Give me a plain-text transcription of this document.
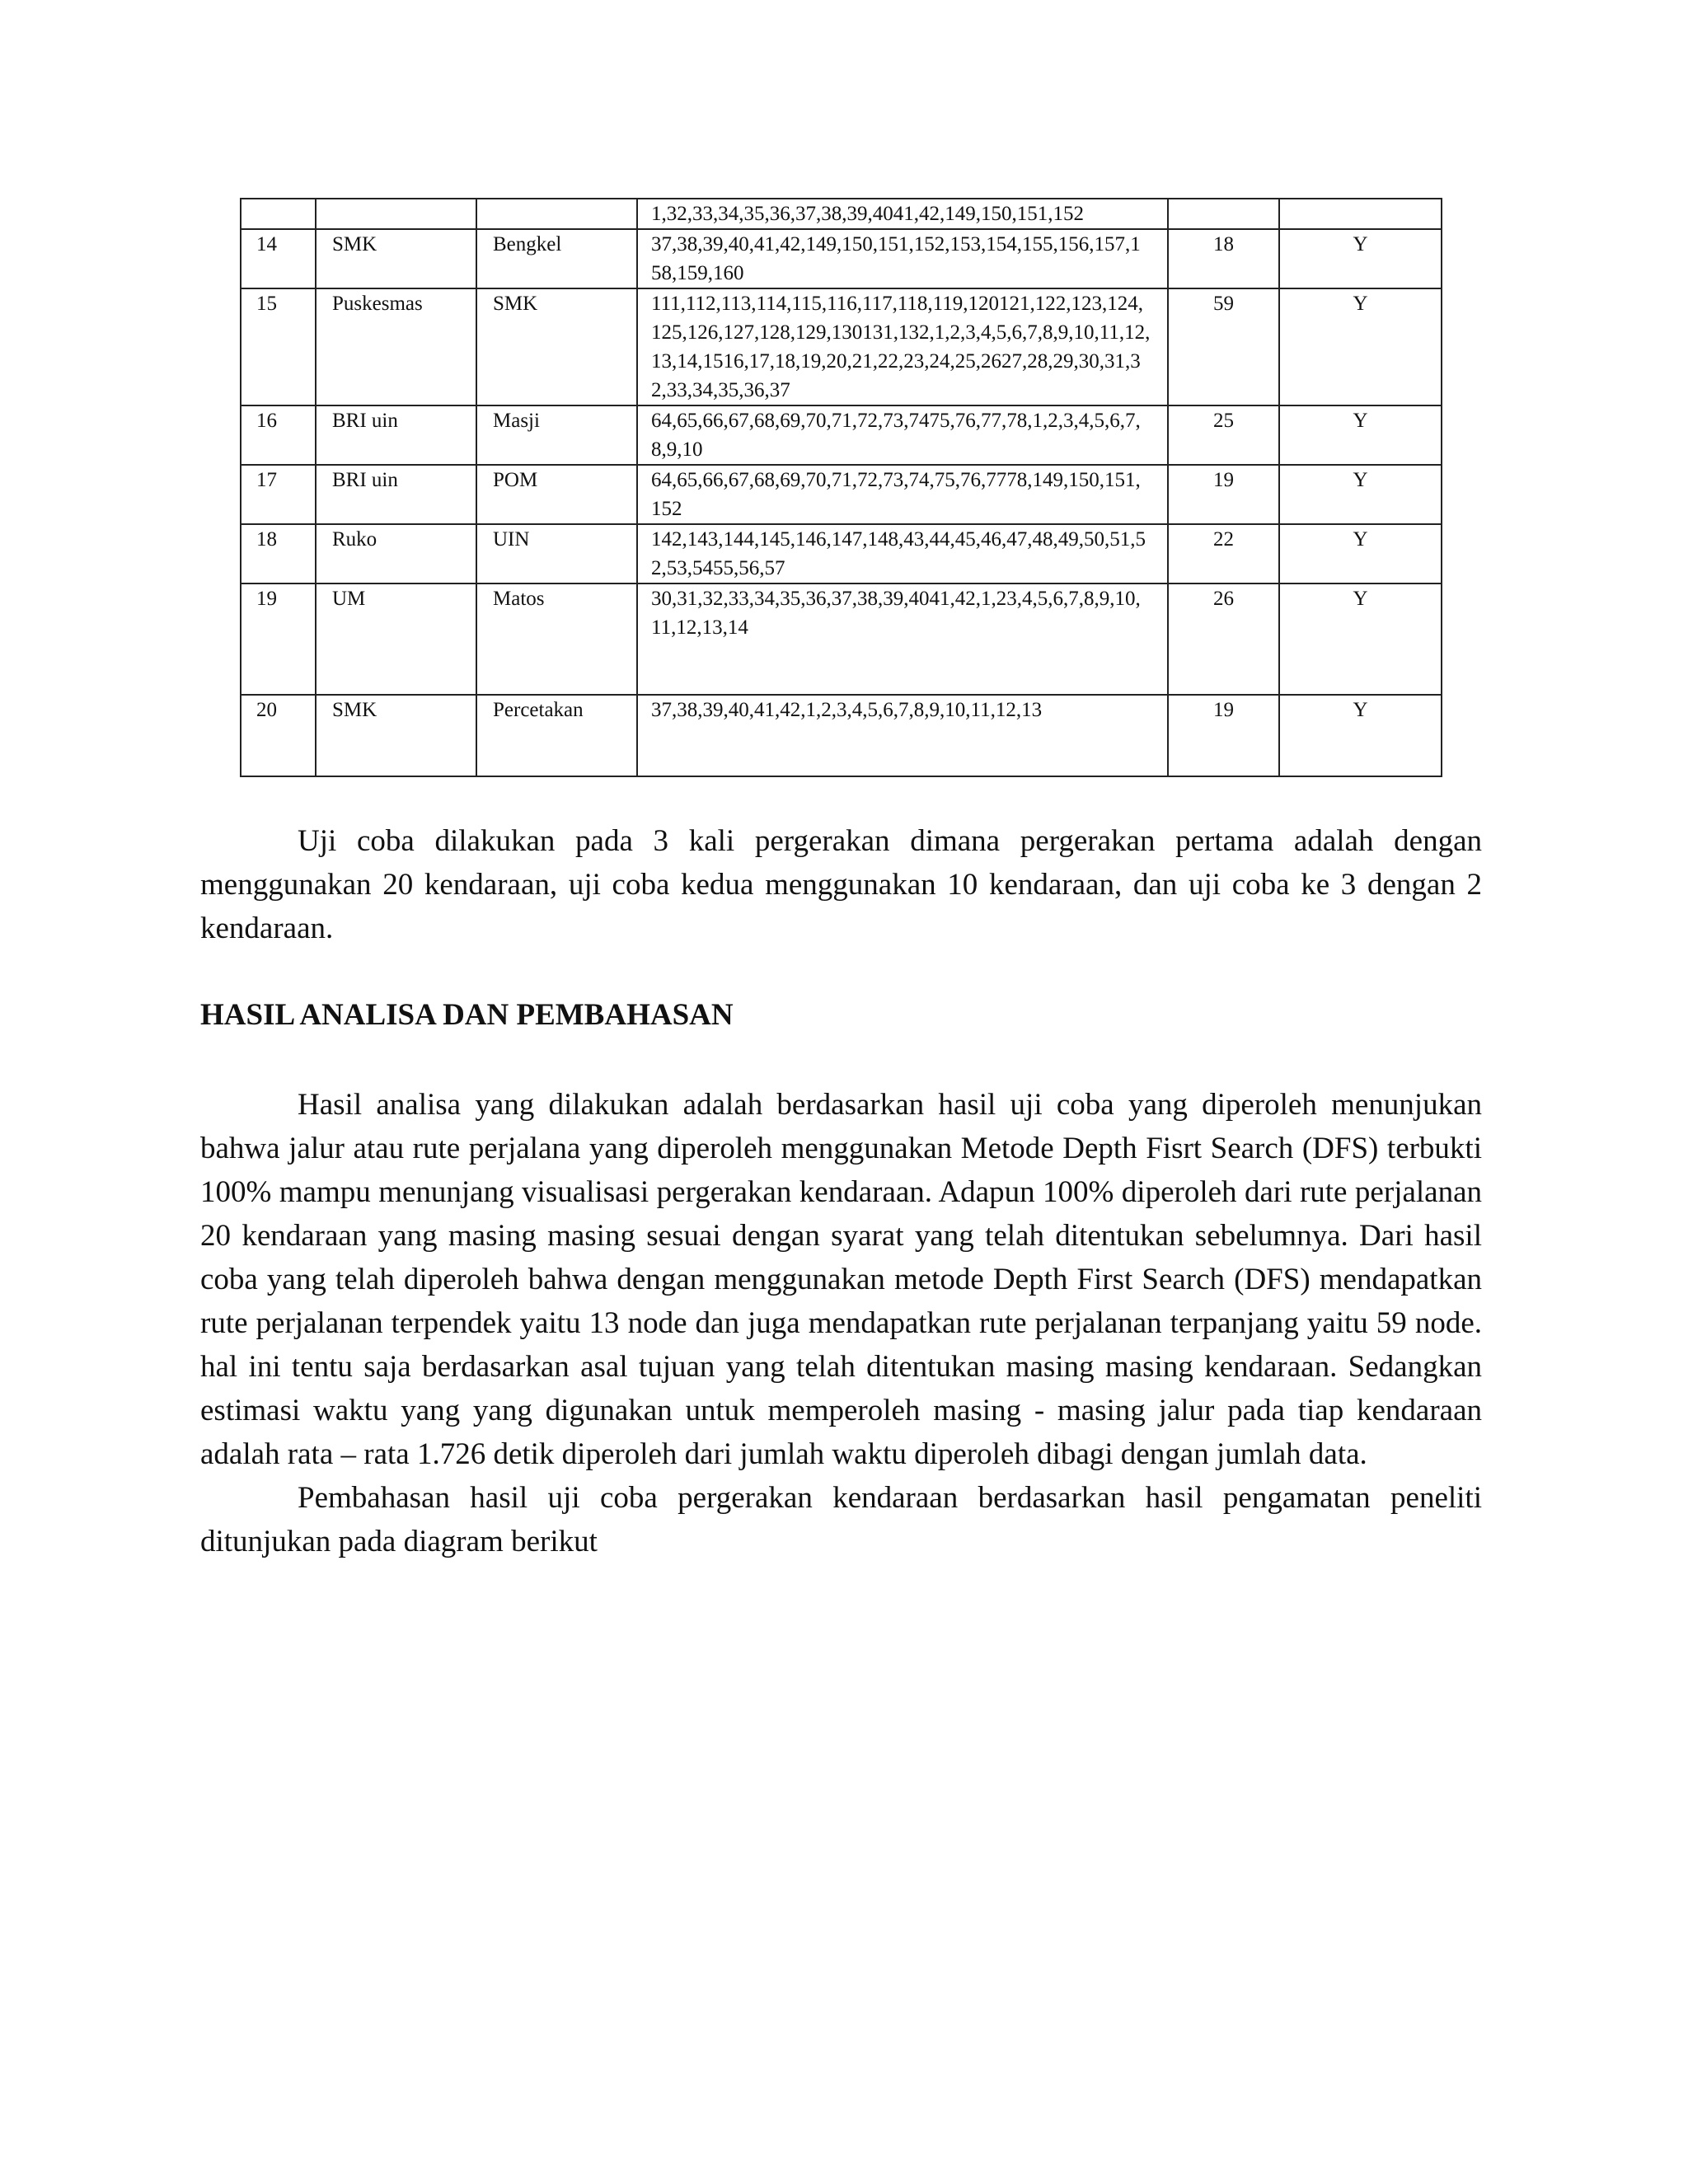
			1,32,33,34,35,36,37,38,39,4041,42,149,150,151,152		
14	SMK	Bengkel	37,38,39,40,41,42,149,150,151,152,153,154,155,156,157,158,159,160	18	Y
15	Puskesmas	SMK	111,112,113,114,115,116,117,118,119,120121,122,123,124,125,126,127,128,129,130131,132,1,2,3,4,5,6,7,8,9,10,11,12,13,14,1516,17,18,19,20,21,22,23,24,25,2627,28,29,30,31,32,33,34,35,36,37	59	Y
16	BRI uin	Masji	64,65,66,67,68,69,70,71,72,73,7475,76,77,78,1,2,3,4,5,6,7,8,9,10	25	Y
17	BRI uin	POM	64,65,66,67,68,69,70,71,72,73,74,75,76,7778,149,150,151,152	19	Y
18	Ruko	UIN	142,143,144,145,146,147,148,43,44,45,46,47,48,49,50,51,52,53,5455,56,57	22	Y
19	UM	Matos	30,31,32,33,34,35,36,37,38,39,4041,42,1,23,4,5,6,7,8,9,10,11,12,13,14	26	Y
20	SMK	Percetakan	37,38,39,40,41,42,1,2,3,4,5,6,7,8,9,10,11,12,13	19	Y

Uji coba dilakukan pada 3 kali pergerakan dimana pergerakan pertama adalah dengan menggunakan 20 kendaraan, uji coba kedua menggunakan 10 kendaraan, dan uji coba ke 3 dengan 2 kendaraan.

HASIL ANALISA DAN PEMBAHASAN

Hasil analisa yang dilakukan adalah berdasarkan hasil uji coba yang diperoleh menunjukan bahwa jalur atau rute perjalana yang diperoleh menggunakan Metode Depth Fisrt Search (DFS) terbukti 100% mampu menunjang visualisasi pergerakan kendaraan. Adapun 100% diperoleh dari rute perjalanan 20 kendaraan yang masing masing sesuai dengan syarat yang telah ditentukan sebelumnya. Dari hasil coba yang telah diperoleh bahwa dengan menggunakan metode Depth First Search (DFS) mendapatkan rute perjalanan terpendek yaitu 13 node dan juga mendapatkan rute perjalanan terpanjang yaitu 59 node. hal ini tentu saja berdasarkan asal tujuan yang telah ditentukan masing masing kendaraan. Sedangkan estimasi waktu yang yang digunakan untuk memperoleh masing - masing jalur pada tiap kendaraan adalah rata – rata 1.726 detik diperoleh dari jumlah waktu diperoleh dibagi dengan jumlah data.

Pembahasan hasil uji coba pergerakan kendaraan berdasarkan hasil pengamatan peneliti ditunjukan pada diagram berikut
